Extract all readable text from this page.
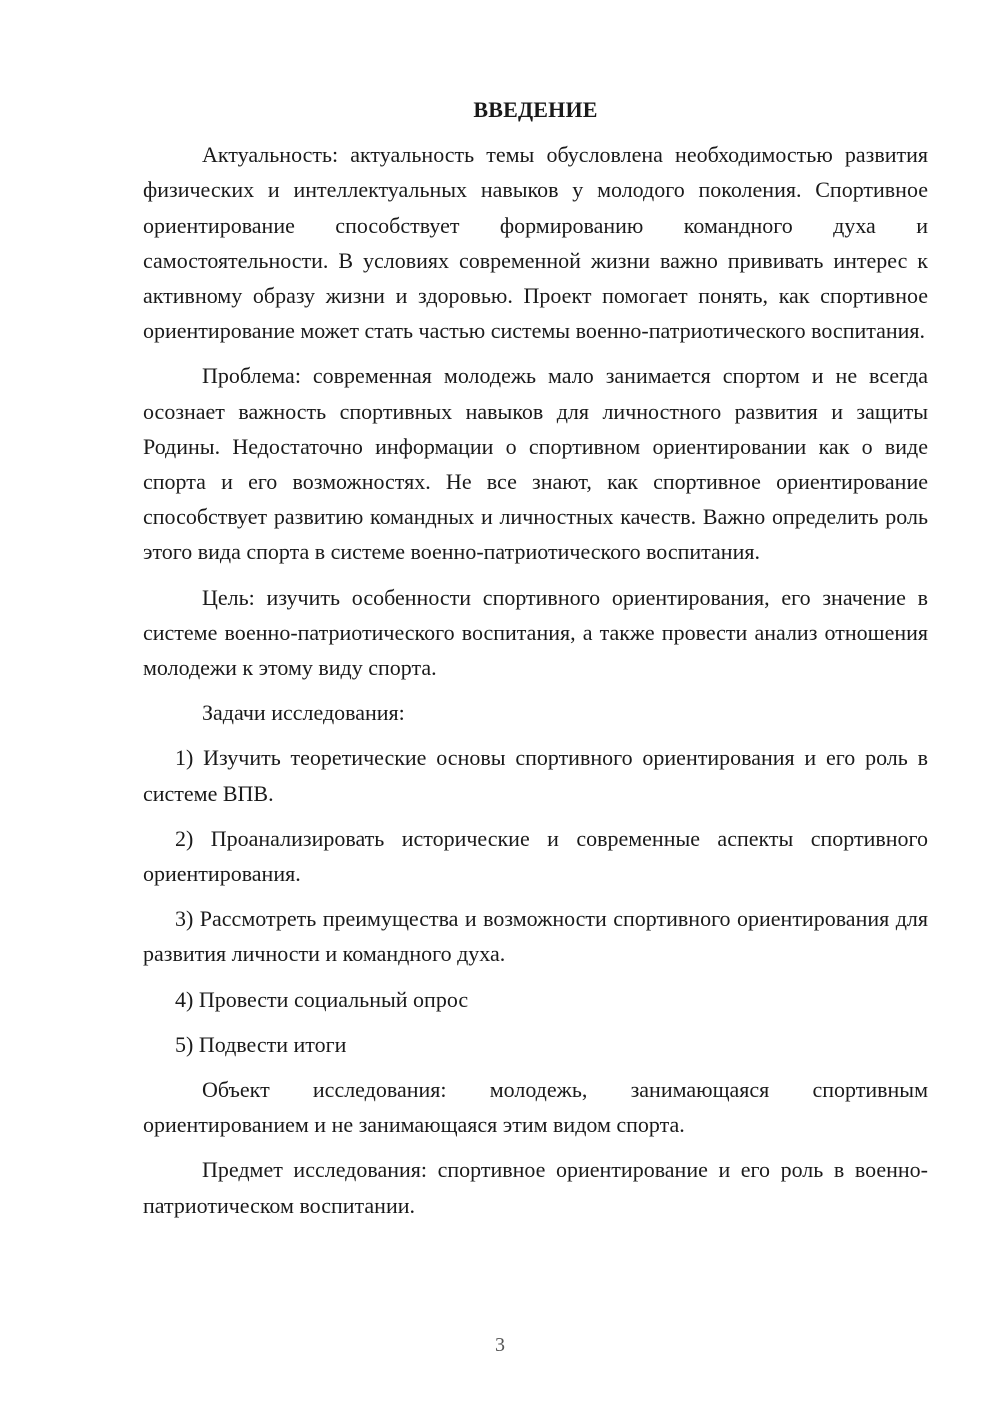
ВВЕДЕНИЕ

Актуальность: актуальность темы обусловлена необходимостью развития физических и интеллектуальных навыков у молодого поколения. Спортивное ориентирование способствует формированию командного духа и самостоятельности. В условиях современной жизни важно прививать интерес к активному образу жизни и здоровью. Проект помогает понять, как спортивное ориентирование может стать частью системы военно-патриотического воспитания.

Проблема: современная молодежь мало занимается спортом и не всегда осознает важность спортивных навыков для личностного развития и защиты Родины. Недостаточно информации о спортивном ориентировании как о виде спорта и его возможностях. Не все знают, как спортивное ориентирование способствует развитию командных и личностных качеств. Важно определить роль этого вида спорта в системе военно-патриотического воспитания.

Цель: изучить особенности спортивного ориентирования, его значение в системе военно-патриотического воспитания, а также провести анализ отношения молодежи к этому виду спорта.

Задачи исследования:

1) Изучить теоретические основы спортивного ориентирования и его роль в системе ВПВ.

2) Проанализировать исторические и современные аспекты спортивного ориентирования.

3) Рассмотреть преимущества и возможности спортивного ориентирования для развития личности и командного духа.

4) Провести социальный опрос

5) Подвести итоги

Объект исследования: молодежь, занимающаяся спортивным ориентированием и не занимающаяся этим видом спорта.

Предмет исследования: спортивное ориентирование и его роль в военно-патриотическом воспитании.

3
